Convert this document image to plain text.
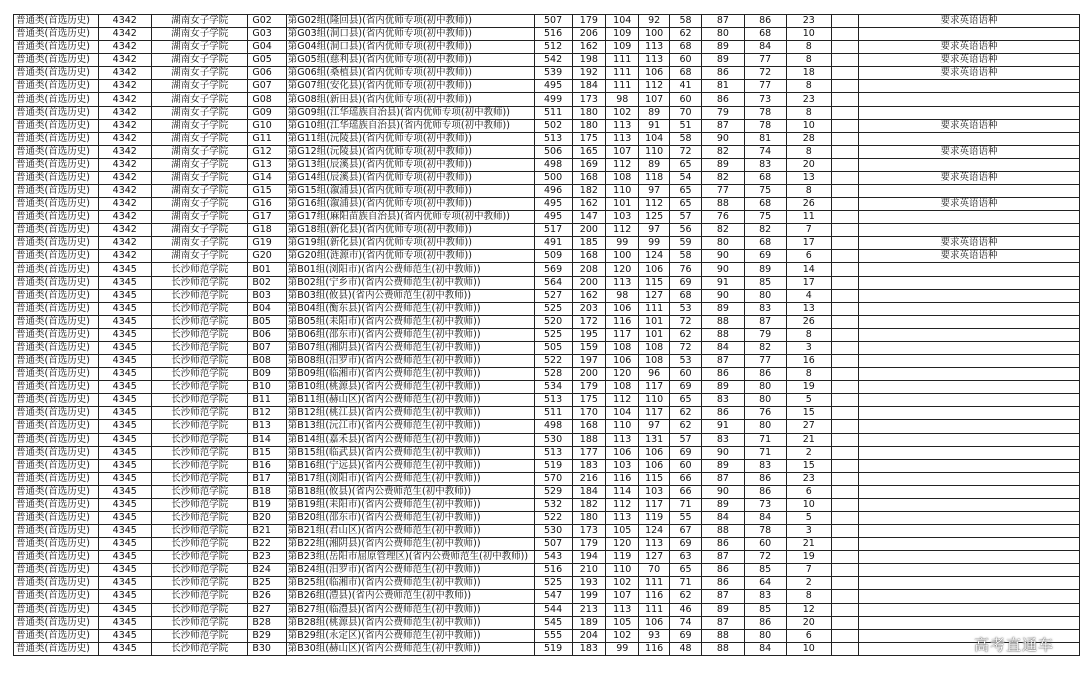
普通类(首选历史)	4342	湖南女子学院	G02	第G02组(隆回县)(省内优师专项(初中教师))	507	179	104	92	58	87	86	23		要求英语语种
普通类(首选历史)	4342	湖南女子学院	G03	第G03组(洞口县)(省内优师专项(初中教师))	516	206	109	100	62	80	68	10		
普通类(首选历史)	4342	湖南女子学院	G04	第G04组(洞口县)(省内优师专项(初中教师))	512	162	109	113	68	89	84	8		要求英语语种
普通类(首选历史)	4342	湖南女子学院	G05	第G05组(慈利县)(省内优师专项(初中教师))	542	198	111	113	60	89	77	8		要求英语语种
普通类(首选历史)	4342	湖南女子学院	G06	第G06组(桑植县)(省内优师专项(初中教师))	539	192	111	106	68	86	72	18		要求英语语种
普通类(首选历史)	4342	湖南女子学院	G07	第G07组(安化县)(省内优师专项(初中教师))	495	184	111	112	41	81	77	8		
普通类(首选历史)	4342	湖南女子学院	G08	第G08组(新田县)(省内优师专项(初中教师))	499	173	98	107	60	86	73	23		
普通类(首选历史)	4342	湖南女子学院	G09	第G09组(江华瑶族自治县)(省内优师专项(初中教师))	511	180	102	89	70	79	78	8		
普通类(首选历史)	4342	湖南女子学院	G10	第G10组(江华瑶族自治县)(省内优师专项(初中教师))	502	180	113	91	51	87	78	10		要求英语语种
普通类(首选历史)	4342	湖南女子学院	G11	第G11组(沅陵县)(省内优师专项(初中教师))	513	175	113	104	58	90	81	28		
普通类(首选历史)	4342	湖南女子学院	G12	第G12组(沅陵县)(省内优师专项(初中教师))	506	165	107	110	72	82	74	8		要求英语语种
普通类(首选历史)	4342	湖南女子学院	G13	第G13组(辰溪县)(省内优师专项(初中教师))	498	169	112	89	65	89	83	20		
普通类(首选历史)	4342	湖南女子学院	G14	第G14组(辰溪县)(省内优师专项(初中教师))	500	168	108	118	54	82	68	13		要求英语语种
普通类(首选历史)	4342	湖南女子学院	G15	第G15组(溆浦县)(省内优师专项(初中教师))	496	182	110	97	65	77	75	8		
普通类(首选历史)	4342	湖南女子学院	G16	第G16组(溆浦县)(省内优师专项(初中教师))	495	162	101	112	65	88	68	26		要求英语语种
普通类(首选历史)	4342	湖南女子学院	G17	第G17组(麻阳苗族自治县)(省内优师专项(初中教师))	495	147	103	125	57	76	75	11		
普通类(首选历史)	4342	湖南女子学院	G18	第G18组(新化县)(省内优师专项(初中教师))	517	200	112	97	56	82	82	7		
普通类(首选历史)	4342	湖南女子学院	G19	第G19组(新化县)(省内优师专项(初中教师))	491	185	99	99	59	80	68	17		要求英语语种
普通类(首选历史)	4342	湖南女子学院	G20	第G20组(涟源市)(省内优师专项(初中教师))	509	168	100	124	58	90	69	6		要求英语语种
普通类(首选历史)	4345	长沙师范学院	B01	第B01组(浏阳市)(省内公费师范生(初中教师))	569	208	120	106	76	90	89	14		
普通类(首选历史)	4345	长沙师范学院	B02	第B02组(宁乡市)(省内公费师范生(初中教师))	564	200	113	115	69	91	85	17		
普通类(首选历史)	4345	长沙师范学院	B03	第B03组(攸县)(省内公费师范生(初中教师))	527	162	98	127	68	90	80	4		
普通类(首选历史)	4345	长沙师范学院	B04	第B04组(衡东县)(省内公费师范生(初中教师))	525	203	106	111	53	89	83	13		
普通类(首选历史)	4345	长沙师范学院	B05	第B05组(耒阳市)(省内公费师范生(初中教师))	520	172	116	101	72	88	87	26		
普通类(首选历史)	4345	长沙师范学院	B06	第B06组(邵东市)(省内公费师范生(初中教师))	525	195	117	101	62	88	79	8		
普通类(首选历史)	4345	长沙师范学院	B07	第B07组(湘阴县)(省内公费师范生(初中教师))	505	159	108	108	72	84	82	3		
普通类(首选历史)	4345	长沙师范学院	B08	第B08组(汨罗市)(省内公费师范生(初中教师))	522	197	106	108	53	87	77	16		
普通类(首选历史)	4345	长沙师范学院	B09	第B09组(临湘市)(省内公费师范生(初中教师))	528	200	120	96	60	86	86	8		
普通类(首选历史)	4345	长沙师范学院	B10	第B10组(桃源县)(省内公费师范生(初中教师))	534	179	108	117	69	89	80	19		
普通类(首选历史)	4345	长沙师范学院	B11	第B11组(赫山区)(省内公费师范生(初中教师))	513	175	112	110	65	83	80	5		
普通类(首选历史)	4345	长沙师范学院	B12	第B12组(桃江县)(省内公费师范生(初中教师))	511	170	104	117	62	86	76	15		
普通类(首选历史)	4345	长沙师范学院	B13	第B13组(沅江市)(省内公费师范生(初中教师))	498	168	110	97	62	91	80	27		
普通类(首选历史)	4345	长沙师范学院	B14	第B14组(嘉禾县)(省内公费师范生(初中教师))	530	188	113	131	57	83	71	21		
普通类(首选历史)	4345	长沙师范学院	B15	第B15组(临武县)(省内公费师范生(初中教师))	513	177	106	106	69	90	71	2		
普通类(首选历史)	4345	长沙师范学院	B16	第B16组(宁远县)(省内公费师范生(初中教师))	519	183	103	106	60	89	83	15		
普通类(首选历史)	4345	长沙师范学院	B17	第B17组(浏阳市)(省内公费师范生(初中教师))	570	216	116	115	66	87	86	23		
普通类(首选历史)	4345	长沙师范学院	B18	第B18组(攸县)(省内公费师范生(初中教师))	529	184	114	103	66	90	86	6		
普通类(首选历史)	4345	长沙师范学院	B19	第B19组(耒阳市)(省内公费师范生(初中教师))	532	182	112	117	71	89	73	10		
普通类(首选历史)	4345	长沙师范学院	B20	第B20组(邵东市)(省内公费师范生(初中教师))	522	180	113	119	55	84	84	5		
普通类(首选历史)	4345	长沙师范学院	B21	第B21组(君山区)(省内公费师范生(初中教师))	530	173	105	124	67	88	78	3		
普通类(首选历史)	4345	长沙师范学院	B22	第B22组(湘阴县)(省内公费师范生(初中教师))	507	179	120	113	69	86	60	21		
普通类(首选历史)	4345	长沙师范学院	B23	第B23组(岳阳市屈原管理区)(省内公费师范生(初中教师))	543	194	119	127	63	87	72	19		
普通类(首选历史)	4345	长沙师范学院	B24	第B24组(汨罗市)(省内公费师范生(初中教师))	516	210	110	70	65	86	85	7		
普通类(首选历史)	4345	长沙师范学院	B25	第B25组(临湘市)(省内公费师范生(初中教师))	525	193	102	111	71	86	64	2		
普通类(首选历史)	4345	长沙师范学院	B26	第B26组(澧县)(省内公费师范生(初中教师))	547	199	107	116	62	87	83	8		
普通类(首选历史)	4345	长沙师范学院	B27	第B27组(临澧县)(省内公费师范生(初中教师))	544	213	113	111	46	89	85	12		
普通类(首选历史)	4345	长沙师范学院	B28	第B28组(桃源县)(省内公费师范生(初中教师))	545	189	105	106	74	87	86	20		
普通类(首选历史)	4345	长沙师范学院	B29	第B29组(永定区)(省内公费师范生(初中教师))	555	204	102	93	69	88	80	6		
普通类(首选历史)	4345	长沙师范学院	B30	第B30组(赫山区)(省内公费师范生(初中教师))	519	183	99	116	48	88	84	10			高考直通车
